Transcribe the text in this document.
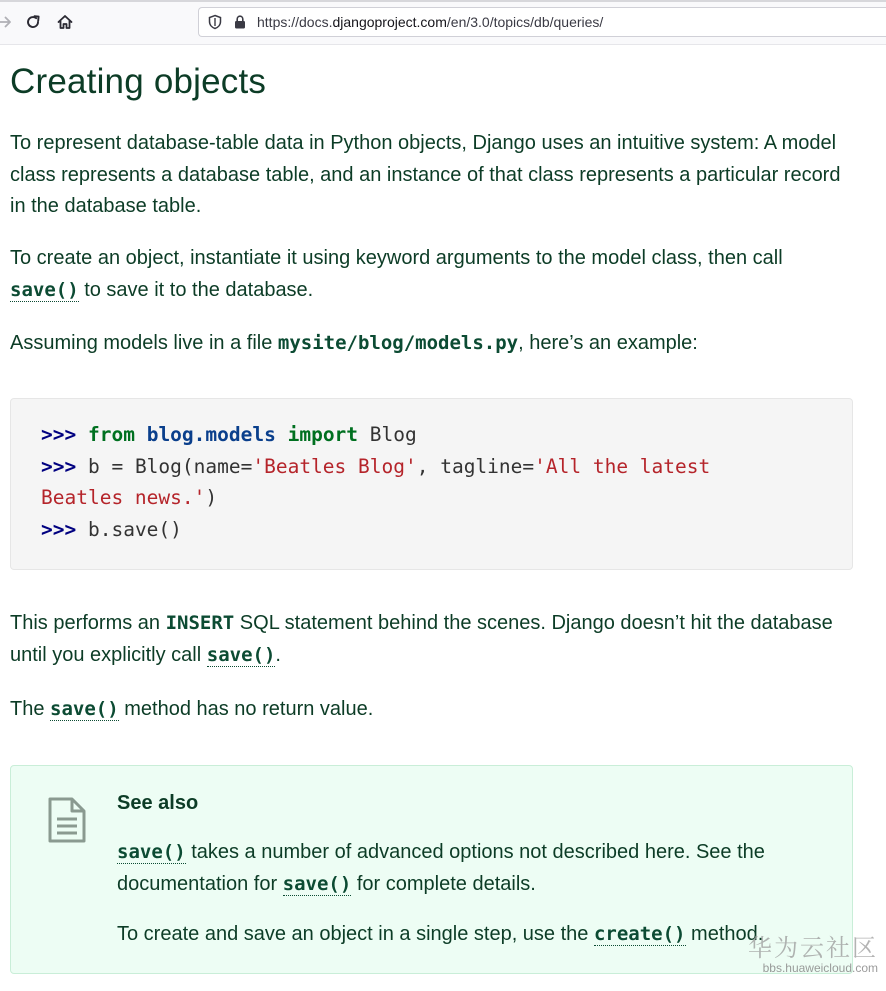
https://docs.djangoproject.com/en/3.0/topics/db/queries/
Creating objects

To represent database-table data in Python objects, Django uses an intuitive system: A model class represents a database table, and an instance of that class represents a particular record in the database table.

To create an object, instantiate it using keyword arguments to the model class, then call save() to save it to the database.

Assuming models live in a file mysite/blog/models.py, here’s an example:

>>> from blog.models import Blog
>>> b = Blog(name='Beatles Blog', tagline='All the latest
Beatles news.')
>>> b.save()

This performs an INSERT SQL statement behind the scenes. Django doesn’t hit the database until you explicitly call save().

The save() method has no return value.

See also

save() takes a number of advanced options not described here. See the documentation for save() for complete details.

To create and save an object in a single step, use the create() method.

华为云社区
bbs.huaweicloud.com
